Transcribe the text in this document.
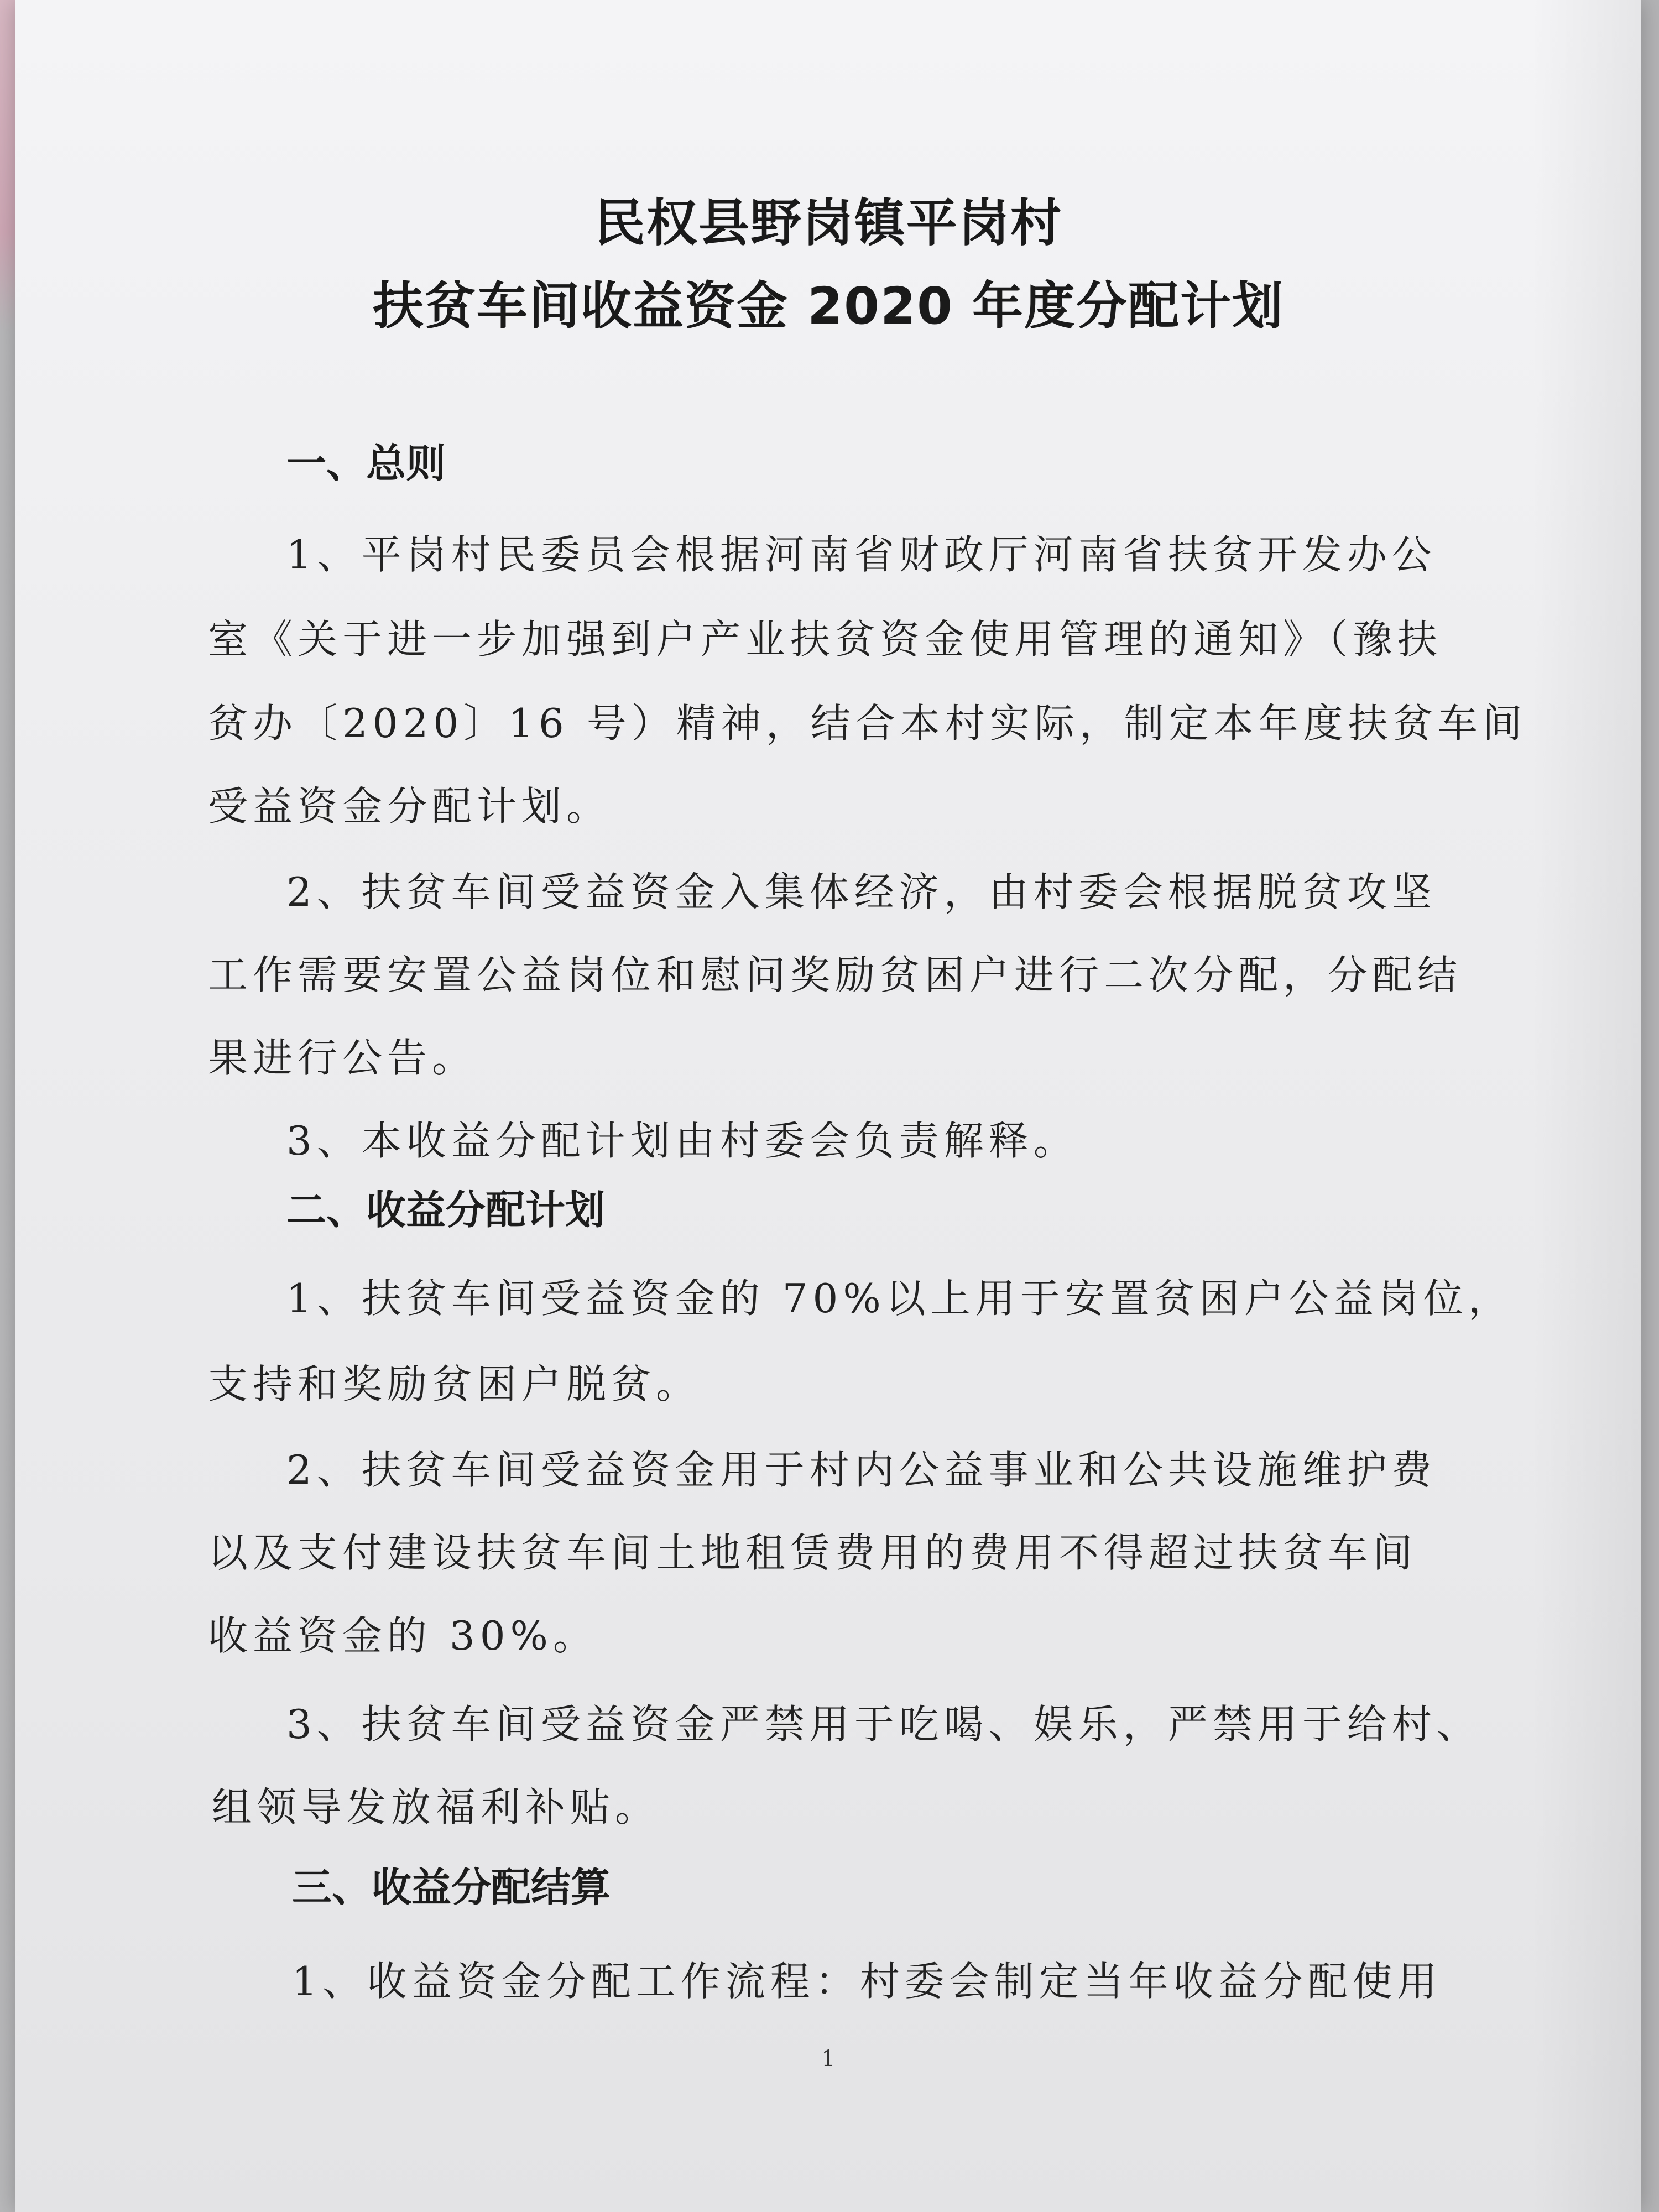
民权县野岗镇平岗村
扶贫车间收益资金 2020 年度分配计划
一、总则
1、平岗村民委员会根据河南省财政厅河南省扶贫开发办公
室《关于进一步加强到户产业扶贫资金使用管理的通知》（豫扶
贫办〔2020〕16 号）精神，结合本村实际，制定本年度扶贫车间
受益资金分配计划。
2、扶贫车间受益资金入集体经济，由村委会根据脱贫攻坚
工作需要安置公益岗位和慰问奖励贫困户进行二次分配，分配结
果进行公告。
3、本收益分配计划由村委会负责解释。
二、收益分配计划
1、扶贫车间受益资金的 70%以上用于安置贫困户公益岗位，
支持和奖励贫困户脱贫。
2、扶贫车间受益资金用于村内公益事业和公共设施维护费
以及支付建设扶贫车间土地租赁费用的费用不得超过扶贫车间
收益资金的 30%。
3、扶贫车间受益资金严禁用于吃喝、娱乐，严禁用于给村、
组领导发放福利补贴。
三、收益分配结算
1、收益资金分配工作流程：村委会制定当年收益分配使用
1
